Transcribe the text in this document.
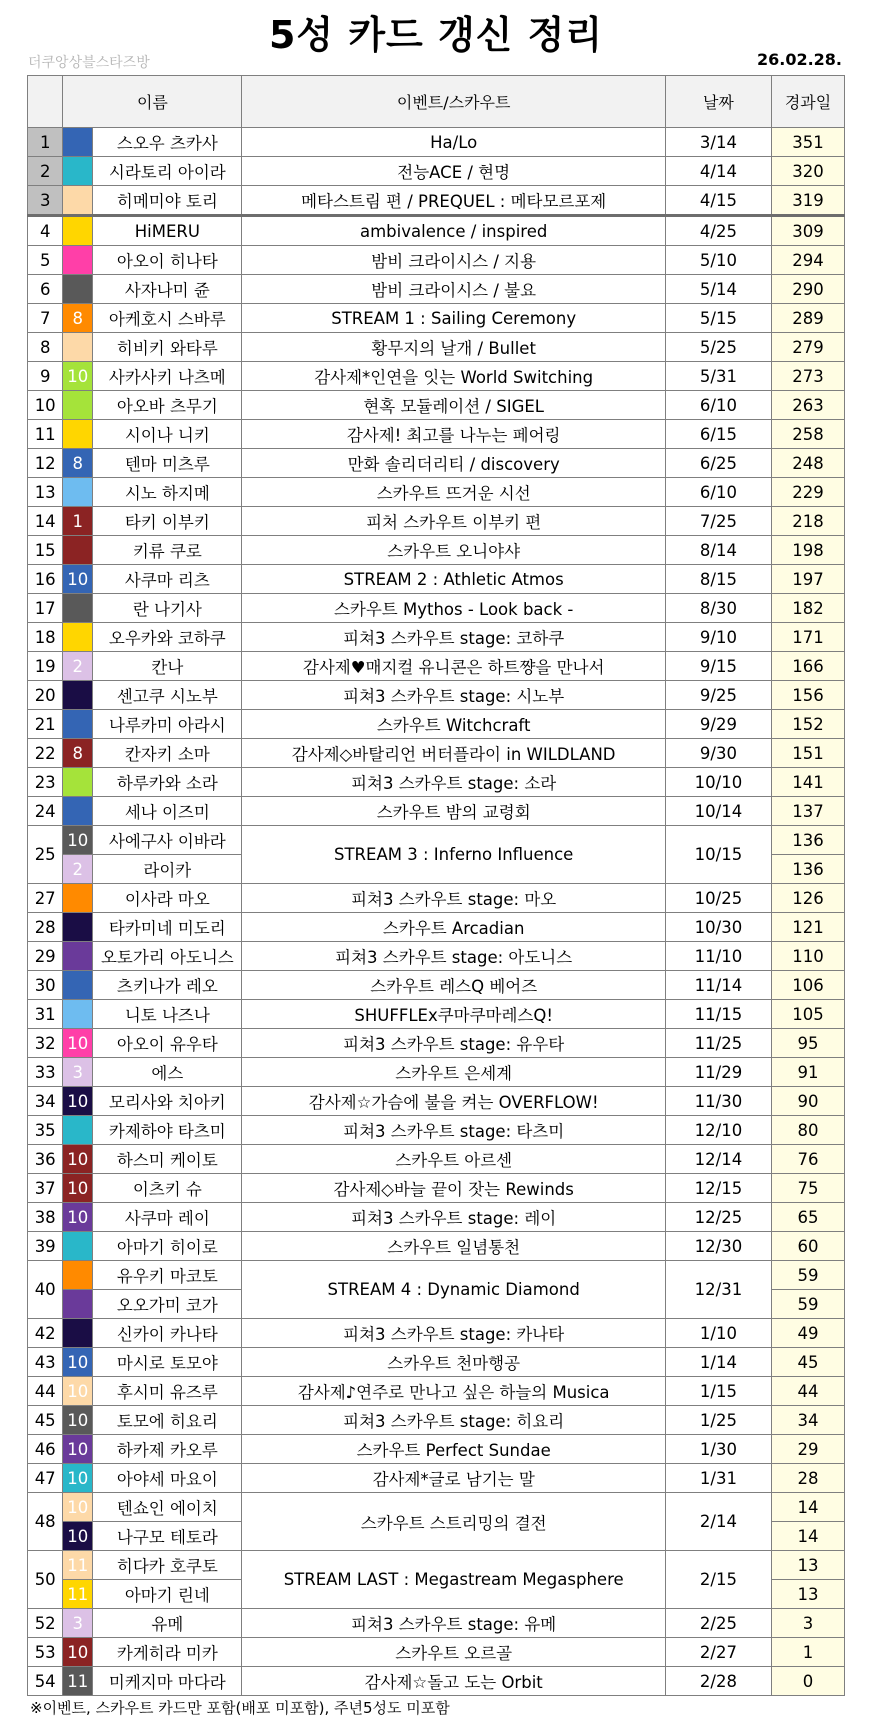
5성 카드 갱신 정리
더쿠앙상블스타즈방	26.02.28.
	이름		이벤트/스카우트	날짜	경과일
1		스오우 츠카사	Ha/Lo	3/14	351
2		시라토리 아이라	전능ACE / 현명	4/14	320
3		히메미야 토리	메타스트림 편 / PREQUEL : 메타모르포제	4/15	319
4		HiMERU	ambivalence / inspired	4/25	309
5		아오이 히나타	밤비 크라이시스 / 지용	5/10	294
6		사자나미 쥰	밤비 크라이시스 / 불요	5/14	290
7	8	아케호시 스바루	STREAM 1 : Sailing Ceremony	5/15	289
8		히비키 와타루	황무지의 날개 / Bullet	5/25	279
9	10	사카사키 나츠메	감사제*인연을 잇는 World Switching	5/31	273
10		아오바 츠무기	현혹 모듈레이션 / SIGEL	6/10	263
11		시이나 니키	감사제! 최고를 나누는 페어링	6/15	258
12	8	텐마 미츠루	만화 솔리더리티 / discovery	6/25	248
13		시노 하지메	스카우트 뜨거운 시선	6/10	229
14	1	타키 이부키	피처 스카우트 이부키 편	7/25	218
15		키류 쿠로	스카우트 오니야샤	8/14	198
16	10	사쿠마 리츠	STREAM 2 : Athletic Atmos	8/15	197
17		란 나기사	스카우트 Mythos - Look back -	8/30	182
18		오우카와 코하쿠	피쳐3 스카우트 stage: 코하쿠	9/10	171
19	2	칸나	감사제♥매지컬 유니콘은 하트쨩을 만나서	9/15	166
20		센고쿠 시노부	피쳐3 스카우트 stage: 시노부	9/25	156
21		나루카미 아라시	스카우트 Witchcraft	9/29	152
22	8	칸자키 소마	감사제◇바탈리언 버터플라이 in WILDLAND	9/30	151
23		하루카와 소라	피쳐3 스카우트 stage: 소라	10/10	141
24		세나 이즈미	스카우트 밤의 교령회	10/14	137
25	10	사에구사 이바라	STREAM 3 : Inferno Influence	10/15	136
	2	라이카			136
27		이사라 마오	피쳐3 스카우트 stage: 마오	10/25	126
28		타카미네 미도리	스카우트 Arcadian	10/30	121
29		오토가리 아도니스	피쳐3 스카우트 stage: 아도니스	11/10	110
30		츠키나가 레오	스카우트 레스Q 베어즈	11/14	106
31		니토 나즈나	SHUFFLEx쿠마쿠마레스Q!	11/15	105
32	10	아오이 유우타	피쳐3 스카우트 stage: 유우타	11/25	95
33	3	에스	스카우트 은세계	11/29	91
34	10	모리사와 치아키	감사제☆가슴에 불을 켜는 OVERFLOW!	11/30	90
35		카제하야 타츠미	피쳐3 스카우트 stage: 타츠미	12/10	80
36	10	하스미 케이토	스카우트 아르센	12/14	76
37	10	이츠키 슈	감사제◇바늘 끝이 잣는 Rewinds	12/15	75
38	10	사쿠마 레이	피쳐3 스카우트 stage: 레이	12/25	65
39		아마기 히이로	스카우트 일념통천	12/30	60
40		유우키 마코토	STREAM 4 : Dynamic Diamond	12/31	59
		오오가미 코가			59
42		신카이 카나타	피쳐3 스카우트 stage: 카나타	1/10	49
43	10	마시로 토모야	스카우트 천마행공	1/14	45
44	10	후시미 유즈루	감사제♪연주로 만나고 싶은 하늘의 Musica	1/15	44
45	10	토모에 히요리	피쳐3 스카우트 stage: 히요리	1/25	34
46	10	하카제 카오루	스카우트 Perfect Sundae	1/30	29
47	10	아야세 마요이	감사제*글로 남기는 말	1/31	28
48	10	텐쇼인 에이치	스카우트 스트리밍의 결전	2/14	14
	10	나구모 테토라			14
50	11	히다카 호쿠토	STREAM LAST : Megastream Megasphere	2/15	13
	11	아마기 린네			13
52	3	유메	피쳐3 스카우트 stage: 유메	2/25	3
53	10	카게히라 미카	스카우트 오르골	2/27	1
54	11	미케지마 마다라	감사제☆돌고 도는 Orbit	2/28	0
※이벤트, 스카우트 카드만 포함(배포 미포함), 주년5성도 미포함
